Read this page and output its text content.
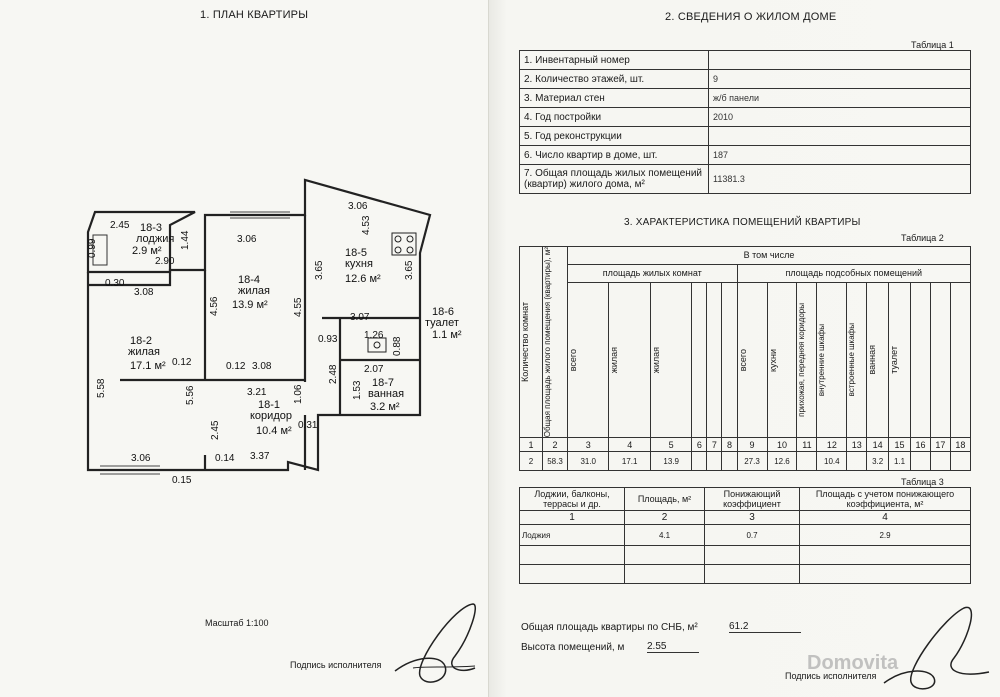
1. ПЛАН КВАРТИРЫ
18-3
лоджия
2.9 м²
18-4
жилая
13.9 м²
18-5
кухня
12.6 м²
18-6
туалет
1.1 м²
18-2
жилая
17.1 м²
18-7
ванная
3.2 м²
18-1
коридор
10.4 м²
2.45
0.99	1.44
2.90
0.30
3.08
3.06
4.56	4.55
3.65
3.06
4.53
3.65
3.07
1.26
0.88
0.93
5.58	5.56
0.12	0.12 3.08
3.21	1.06
2.48	2.07
1.53
2.45	0.31
3.06	0.14 3.37
0.15
Масштаб 1:100
Подпись исполнителя
2. СВЕДЕНИЯ О ЖИЛОМ ДОМЕ
Таблица 1
1. Инвентарный номер	
2. Количество этажей, шт.	9
3. Материал стен	ж/б панели
4. Год постройки	2010
5. Год реконструкции	
6. Число квартир в доме, шт.	187
7. Общая площадь жилых помещений (квартир) жилого дома, м²	11381.3
3. ХАРАКТЕРИСТИКА ПОМЕЩЕНИЙ КВАРТИРЫ
Таблица 2
Количество комнат	Общая площадь жилого помещения (квартиры), м²	В том числе															
		площадь жилых комнат						площадь подсобных помещений									

		всего	жилая	жилая				всего	кухни	прихожая, передняя коридоры	внутренние шкафы	встроенные шкафы	ванная	туалет			

1	2	3	4	5	6	7	8	9	10	11	12	13	14	15	16	17	18
2	58.3	31.0	17.1	13.9				27.3	12.6		10.4		3.2	1.1			
Таблица 3
Лоджии, балконы, террасы и др.	Площадь, м²	Понижающий коэффициент	Площадь с учетом понижающего коэффициента, м²
1	2	3	4
Лоджия	4.1	0.7	2.9

Общая площадь квартиры по СНБ, м²	61.2
Высота помещений, м 2.55
Подпись исполнителя
Domovita
